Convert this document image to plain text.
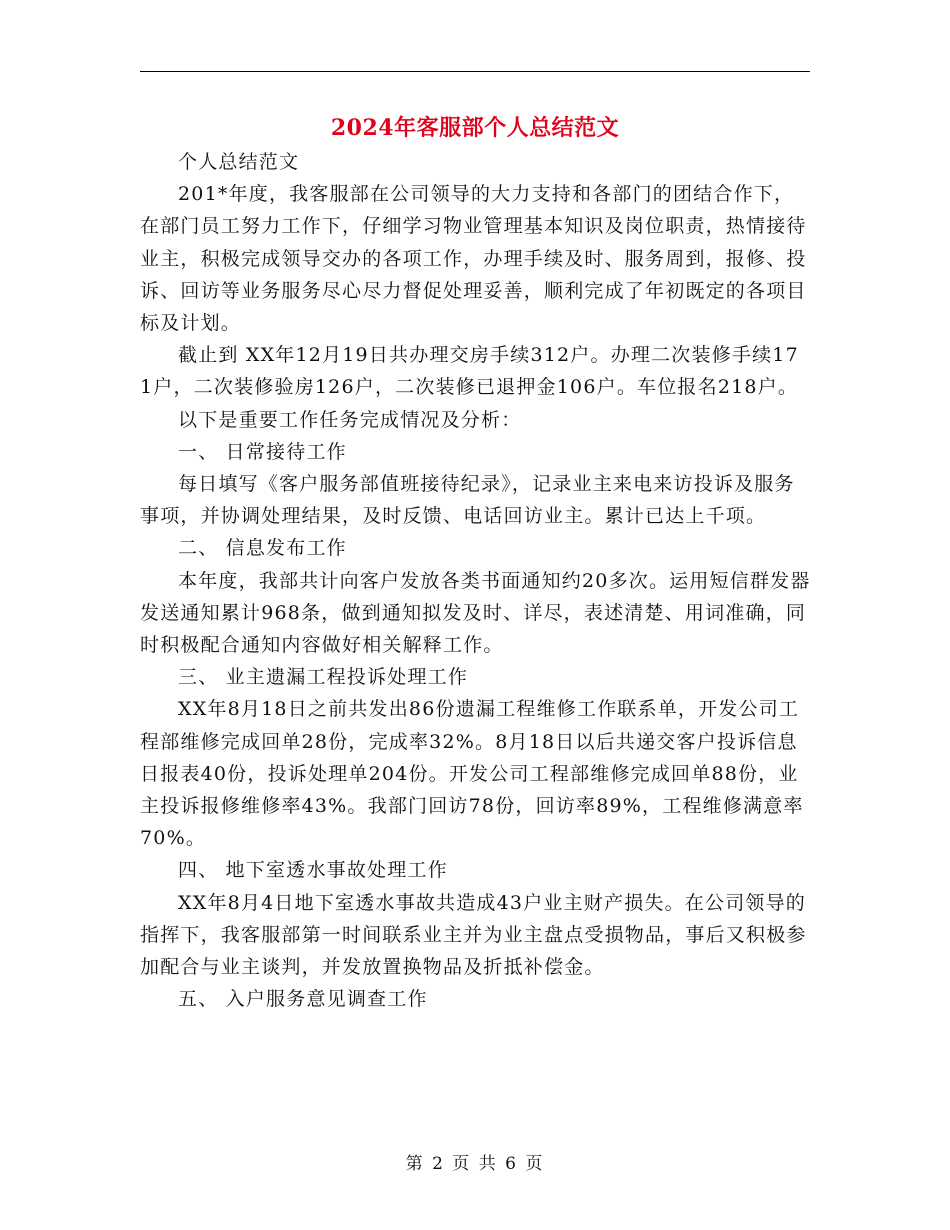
2024年客服部个人总结范文

个人总结范文

201*年度，我客服部在公司领导的大力支持和各部门的团结合作下，在部门员工努力工作下，仔细学习物业管理基本知识及岗位职责，热情接待业主，积极完成领导交办的各项工作，办理手续及时、服务周到，报修、投诉、回访等业务服务尽心尽力督促处理妥善，顺利完成了年初既定的各项目标及计划。

截止到 XX年12月19日共办理交房手续312户。办理二次装修手续171户，二次装修验房126户，二次装修已退押金106户。车位报名218户。

以下是重要工作任务完成情况及分析：

一、 日常接待工作

每日填写《客户服务部值班接待纪录》，记录业主来电来访投诉及服务事项，并协调处理结果，及时反馈、电话回访业主。累计已达上千项。

二、 信息发布工作

本年度，我部共计向客户发放各类书面通知约20多次。运用短信群发器发送通知累计968条，做到通知拟发及时、详尽，表述清楚、用词准确，同时积极配合通知内容做好相关解释工作。

三、 业主遗漏工程投诉处理工作

XX年8月18日之前共发出86份遗漏工程维修工作联系单，开发公司工程部维修完成回单28份，完成率32%。8月18日以后共递交客户投诉信息日报表40份，投诉处理单204份。开发公司工程部维修完成回单88份，业主投诉报修维修率43%。我部门回访78份，回访率89%，工程维修满意率70%。

四、 地下室透水事故处理工作

XX年8月4日地下室透水事故共造成43户业主财产损失。在公司领导的指挥下，我客服部第一时间联系业主并为业主盘点受损物品，事后又积极参加配合与业主谈判，并发放置换物品及折抵补偿金。

五、 入户服务意见调查工作

第 2 页 共 6 页
